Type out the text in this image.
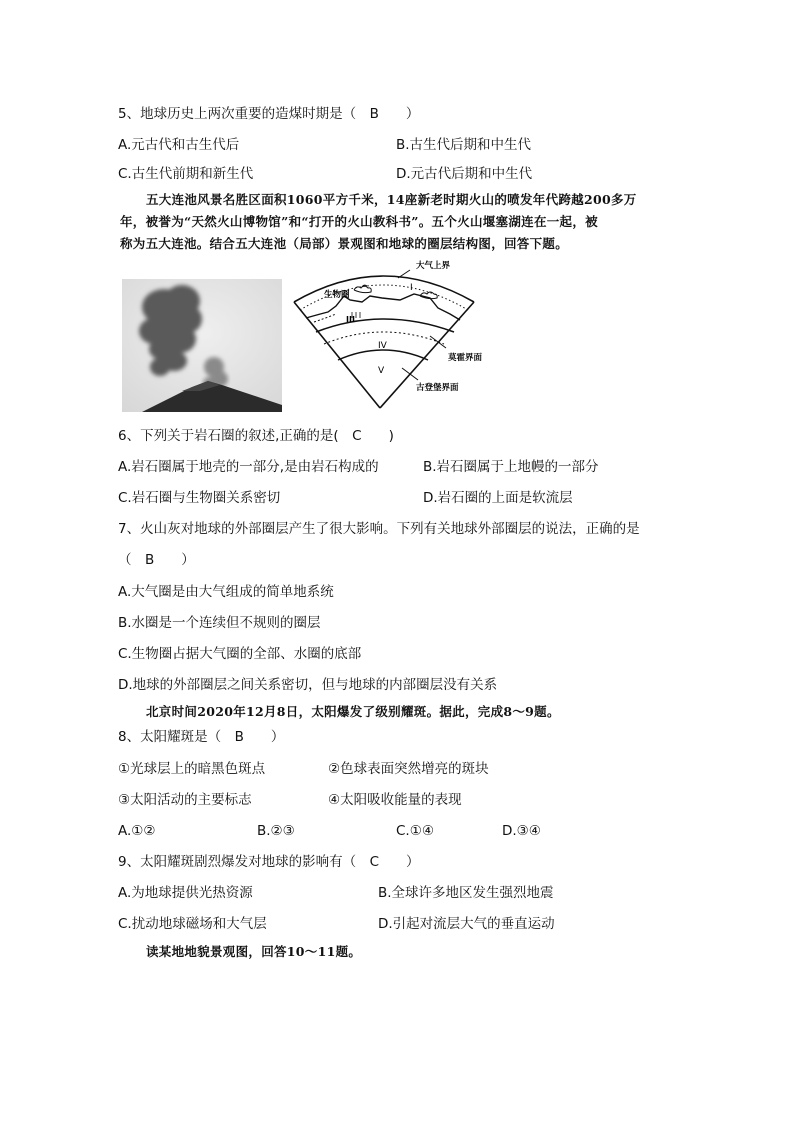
5、地球历史上两次重要的造煤时期是（　B　　）
A.元古代和古生代后	B.古生代后期和中生代
C.古生代前期和新生代	D.元古代后期和中生代
五大连池风景名胜区面积1060平方千米，14座新老时期火山的喷发年代跨越200多万
年，被誉为“天然火山博物馆”和“打开的火山教科书”。五个火山堰塞湖连在一起，被
称为五大连池。结合五大连池（局部）景观图和地球的圈层结构图，回答下题。
大气上界
生物圈
I
III
IV
V
莫霍界面
古登堡界面
6、下列关于岩石圈的叙述,正确的是(　C　　)
A.岩石圈属于地壳的一部分,是由岩石构成的	B.岩石圈属于上地幔的一部分
C.岩石圈与生物圈关系密切	D.岩石圈的上面是软流层
7、火山灰对地球的外部圈层产生了很大影响。下列有关地球外部圈层的说法，正确的是
（　B　　）
A.大气圈是由大气组成的简单地系统
B.水圈是一个连续但不规则的圈层
C.生物圈占据大气圈的全部、水圈的底部
D.地球的外部圈层之间关系密切，但与地球的内部圈层没有关系
北京时间2020年12月8日，太阳爆发了级别耀斑。据此，完成8～9题。
8、太阳耀斑是（　B　　）
①光球层上的暗黑色斑点	②色球表面突然增亮的斑块
③太阳活动的主要标志	④太阳吸收能量的表现
A.①②	B.②③	C.①④	D.③④
9、太阳耀斑剧烈爆发对地球的影响有（　C　　）
A.为地球提供光热资源	B.全球许多地区发生强烈地震
C.扰动地球磁场和大气层	D.引起对流层大气的垂直运动
读某地地貌景观图，回答10～11题。
